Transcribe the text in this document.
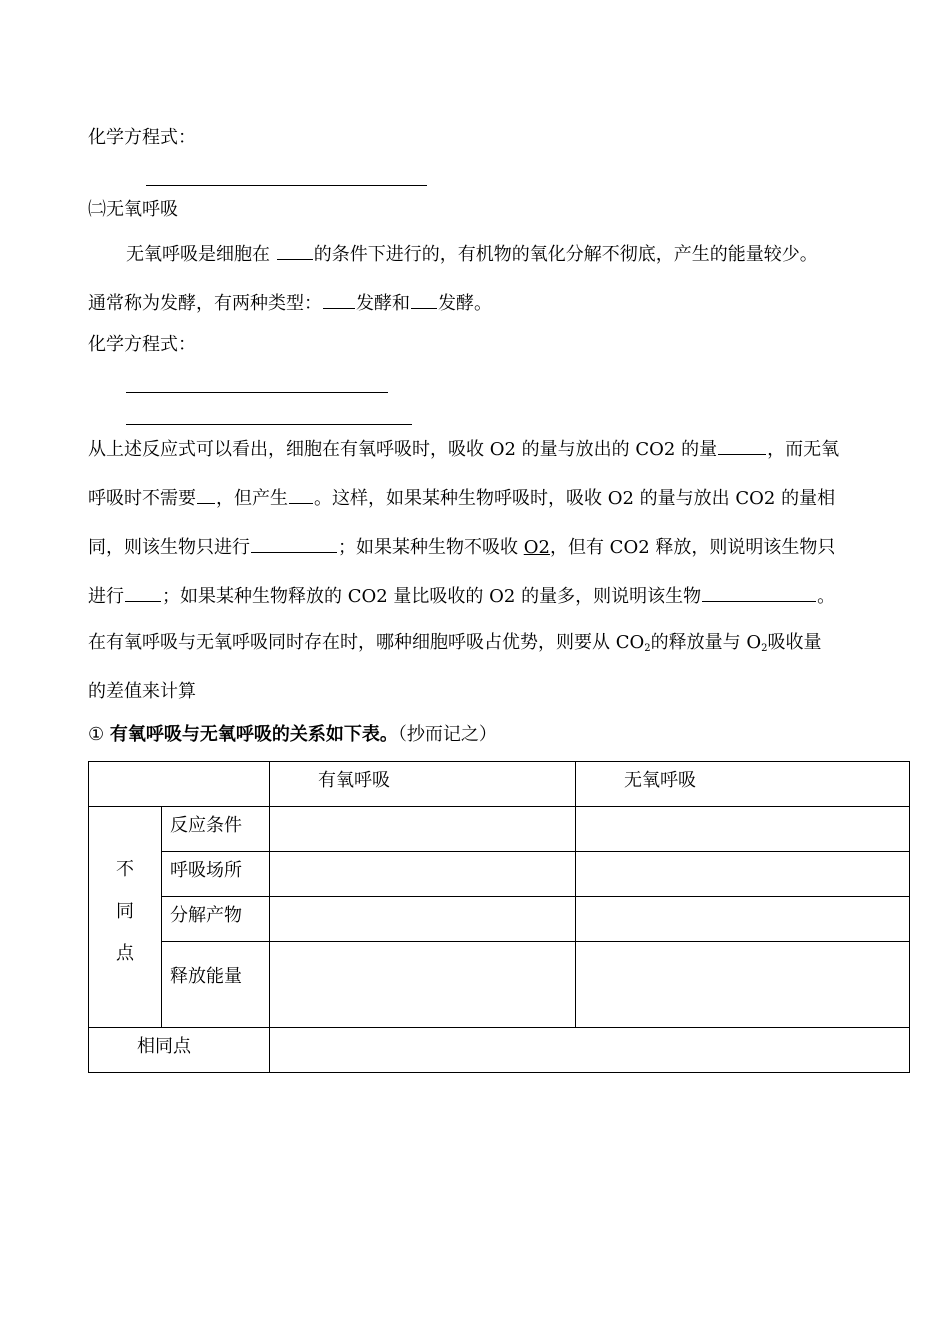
化学方程式：
㈡无氧呼吸
无氧呼吸是细胞在 的条件下进行的，有机物的氧化分解不彻底，产生的能量较少。
通常称为发酵，有两种类型： 发酵和 发酵。
化学方程式：
从上述反应式可以看出，细胞在有氧呼吸时，吸收 O2 的量与放出的 CO2 的量	，而无氧
呼吸时不需要 ，但产生 。这样，如果某种生物呼吸时，吸收 O2 的量与放出 CO2 的量相
同，则该生物只进行	；如果某种生物不吸收 O2，但有 CO2 释放，则说明该生物只
进行 ；如果某种生物释放的 CO2 量比吸收的 O2 的量多，则说明该生物	。
在有氧呼吸与无氧呼吸同时存在时，哪种细胞呼吸占优势，则要从 $CO_2$的释放量与 $O_2$吸收量
的差值来计算
① 有氧呼吸与无氧呼吸的关系如下表。（抄而记之）

		有氧呼吸	无氧呼吸

不
同
点	反应条件		

	呼吸场所		

	分解产物		

	释放能量		

相同点			
